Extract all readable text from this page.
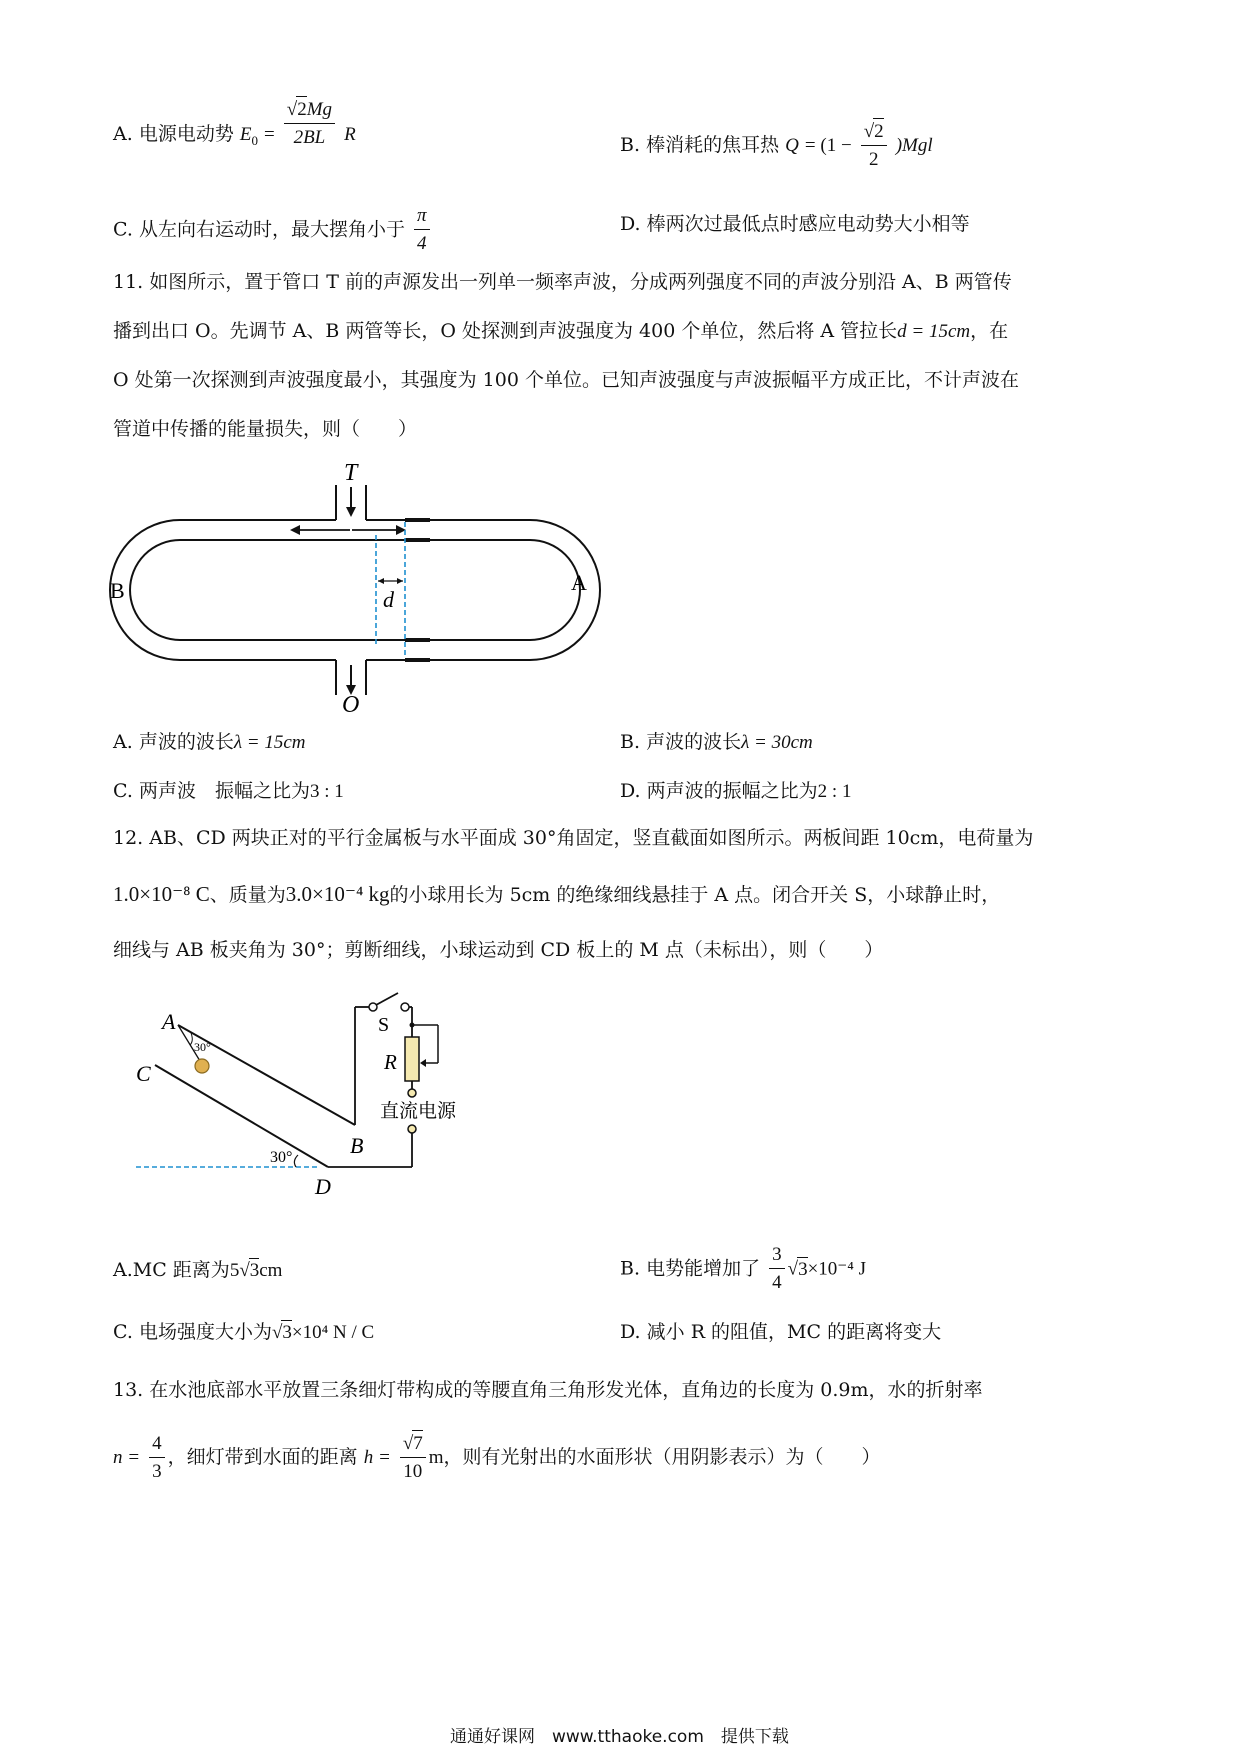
A. 电源电动势 $E_0 = \frac{√2Mg}{2BL}$ R	B. 棒消耗的焦耳热 $Q = (1 - \frac{√2}{2} )Mgl$
C. 从左向右运动时，最大摆角小于 $\frac{\pi}{4}$	D. 棒两次过最低点时感应电动势大小相等
11. 如图所示，置于管口 T 前的声源发出一列单一频率声波，分成两列强度不同的声波分别沿 A、B 两管传
播到出口 O。先调节 A、B 两管等长，O 处探测到声波强度为 400 个单位，然后将 A 管拉长d = 15cm，在
O 处第一次探测到声波强度最小，其强度为 100 个单位。已知声波强度与声波振幅平方成正比，不计声波在
管道中传播的能量损失，则（　　）
d
T
O
B	A
A. 声波的波长λ = 15cm	B. 声波的波长λ = 30cm
C. 两声波　振幅之比为3 : 1	D. 两声波的振幅之比为2 : 1
12. AB、CD 两块正对的平行金属板与水平面成 30°角固定，竖直截面如图所示。两板间距 10cm，电荷量为
1.0×10⁻⁸ C、质量为3.0×10⁻⁴ kg的小球用长为 5cm 的绝缘细线悬挂于 A 点。闭合开关 S，小球静止时，
细线与 AB 板夹角为 30°；剪断细线，小球运动到 CD 板上的 M 点（未标出），则（　　）
A
30°
C
B
D
30°
S
R
直流电源
A.MC 距离为5√3cm	B. 电势能增加了 $\frac{3}{4} √3\times 10^{-4}$ J
C. 电场强度大小为√3×10⁴ N / C	D. 减小 R 的阻值，MC 的距离将变大
13. 在水池底部水平放置三条细灯带构成的等腰直角三角形发光体，直角边的长度为 0.9m，水的折射率
$n = \frac{4}{3}$ ，细灯带到水面的距离 $h = \frac{√7}{10}$ m，则有光射出的水面形状（用阴影表示）为（　　）
通通好课网　www.tthaoke.com　提供下载
